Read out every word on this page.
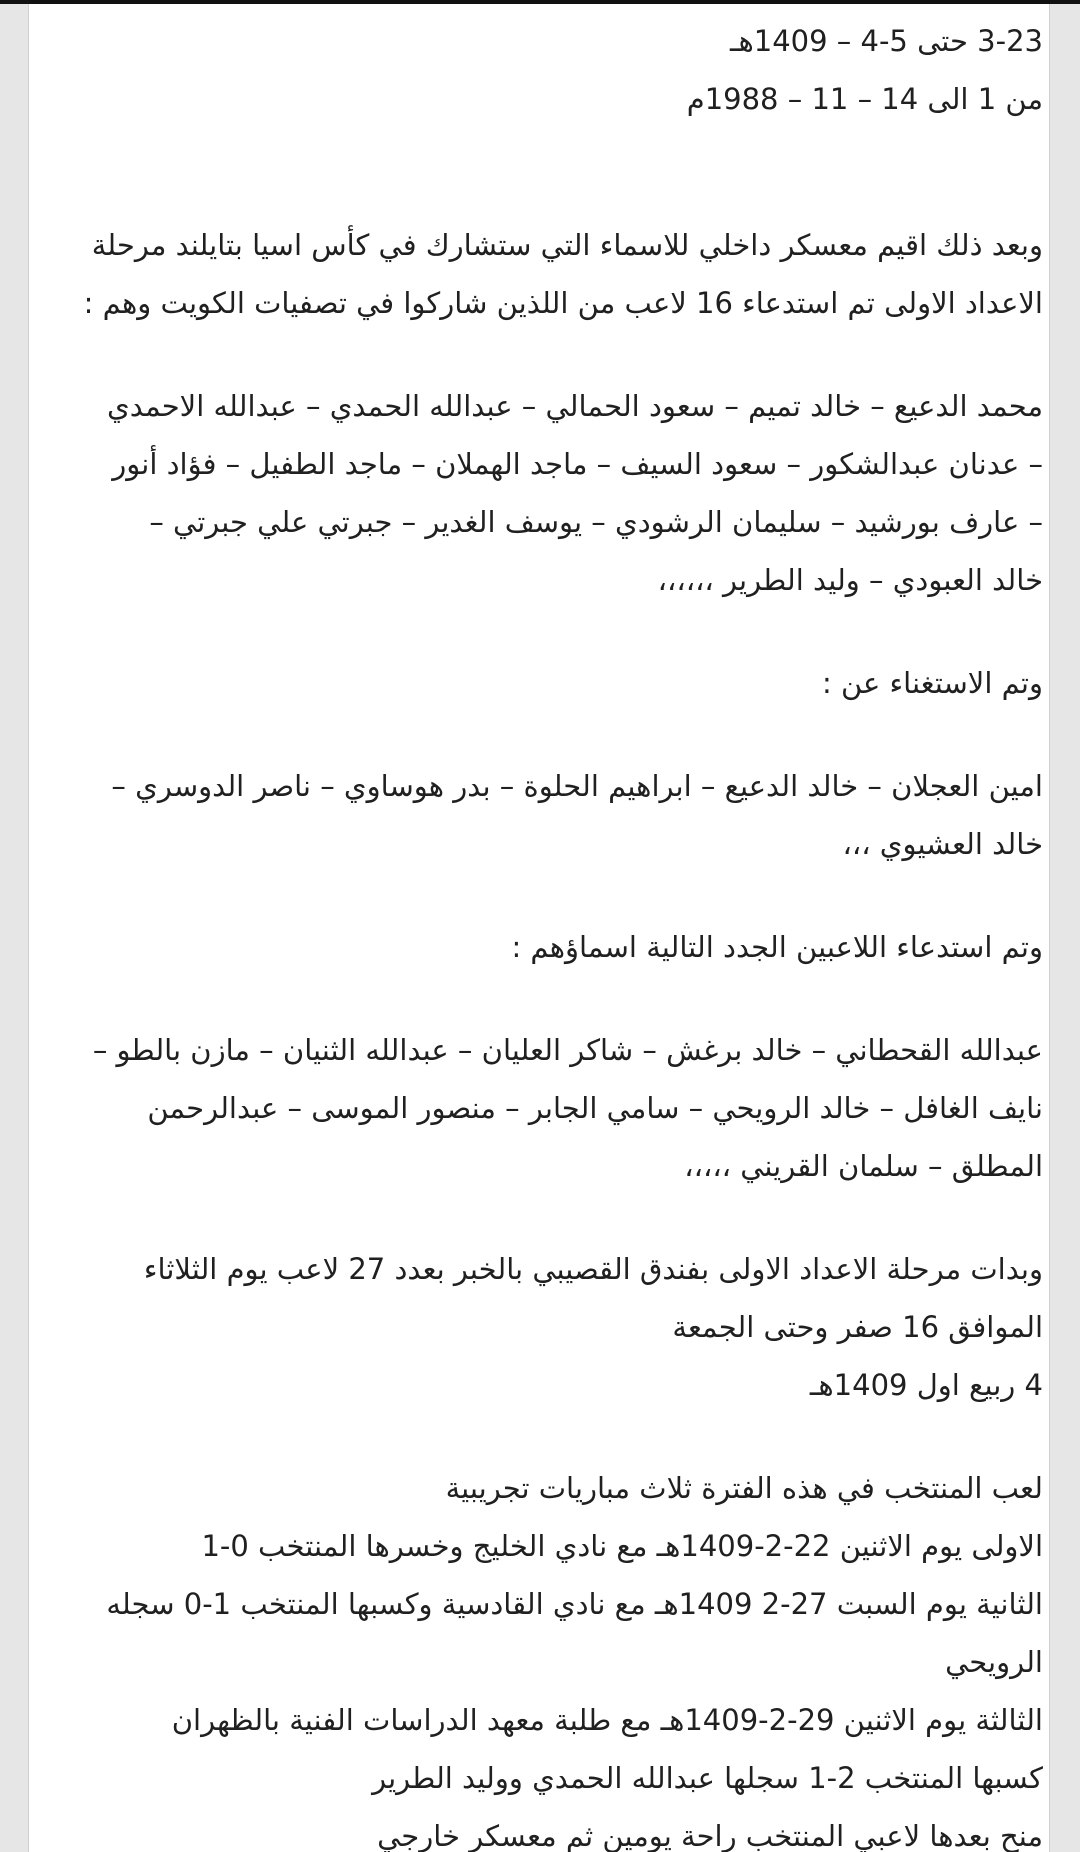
3-23 حتى 5-4 – 1409هـ
من 1 الى 14 – 11 – 1988م
وبعد ذلك اقيم معسكر داخلي للاسماء التي ستشارك في كأس اسيا بتايلند مرحلة
الاعداد الاولى تم استدعاء 16 لاعب من اللذين شاركوا في تصفيات الكويت وهم :
محمد الدعيع – خالد تميم – سعود الحمالي – عبدالله الحمدي – عبدالله الاحمدي
– عدنان عبدالشكور – سعود السيف – ماجد الهملان – ماجد الطفيل – فؤاد أنور
– عارف بورشيد – سليمان الرشودي – يوسف الغدير – جبرتي علي جبرتي –
خالد العبودي – وليد الطرير ،،،،،،
وتم الاستغناء عن :
امين العجلان – خالد الدعيع – ابراهيم الحلوة – بدر هوساوي – ناصر الدوسري –
خالد العشيوي ،،،
وتم استدعاء اللاعبين الجدد التالية اسماؤهم :
عبدالله القحطاني – خالد برغش – شاكر العليان – عبدالله الثنيان – مازن بالطو –
نايف الغافل – خالد الرويحي – سامي الجابر – منصور الموسى – عبدالرحمن
المطلق – سلمان القريني ،،،،،
وبدات مرحلة الاعداد الاولى بفندق القصيبي بالخبر بعدد 27 لاعب يوم الثلاثاء
الموافق 16 صفر وحتى الجمعة
4 ربيع اول 1409هـ
لعب المنتخب في هذه الفترة ثلاث مباريات تجريبية
الاولى يوم الاثنين 22-2-1409هـ مع نادي الخليج وخسرها المنتخب 0-1
الثانية يوم السبت 27-2 1409هـ مع نادي القادسية وكسبها المنتخب 1-0 سجله
الرويحي
الثالثة يوم الاثنين 29-2-1409هـ مع طلبة معهد الدراسات الفنية بالظهران
كسبها المنتخب 2-1 سجلها عبدالله الحمدي ووليد الطرير
منح بعدها لاعبي المنتخب راحة يومين ثم معسكر خارجي
